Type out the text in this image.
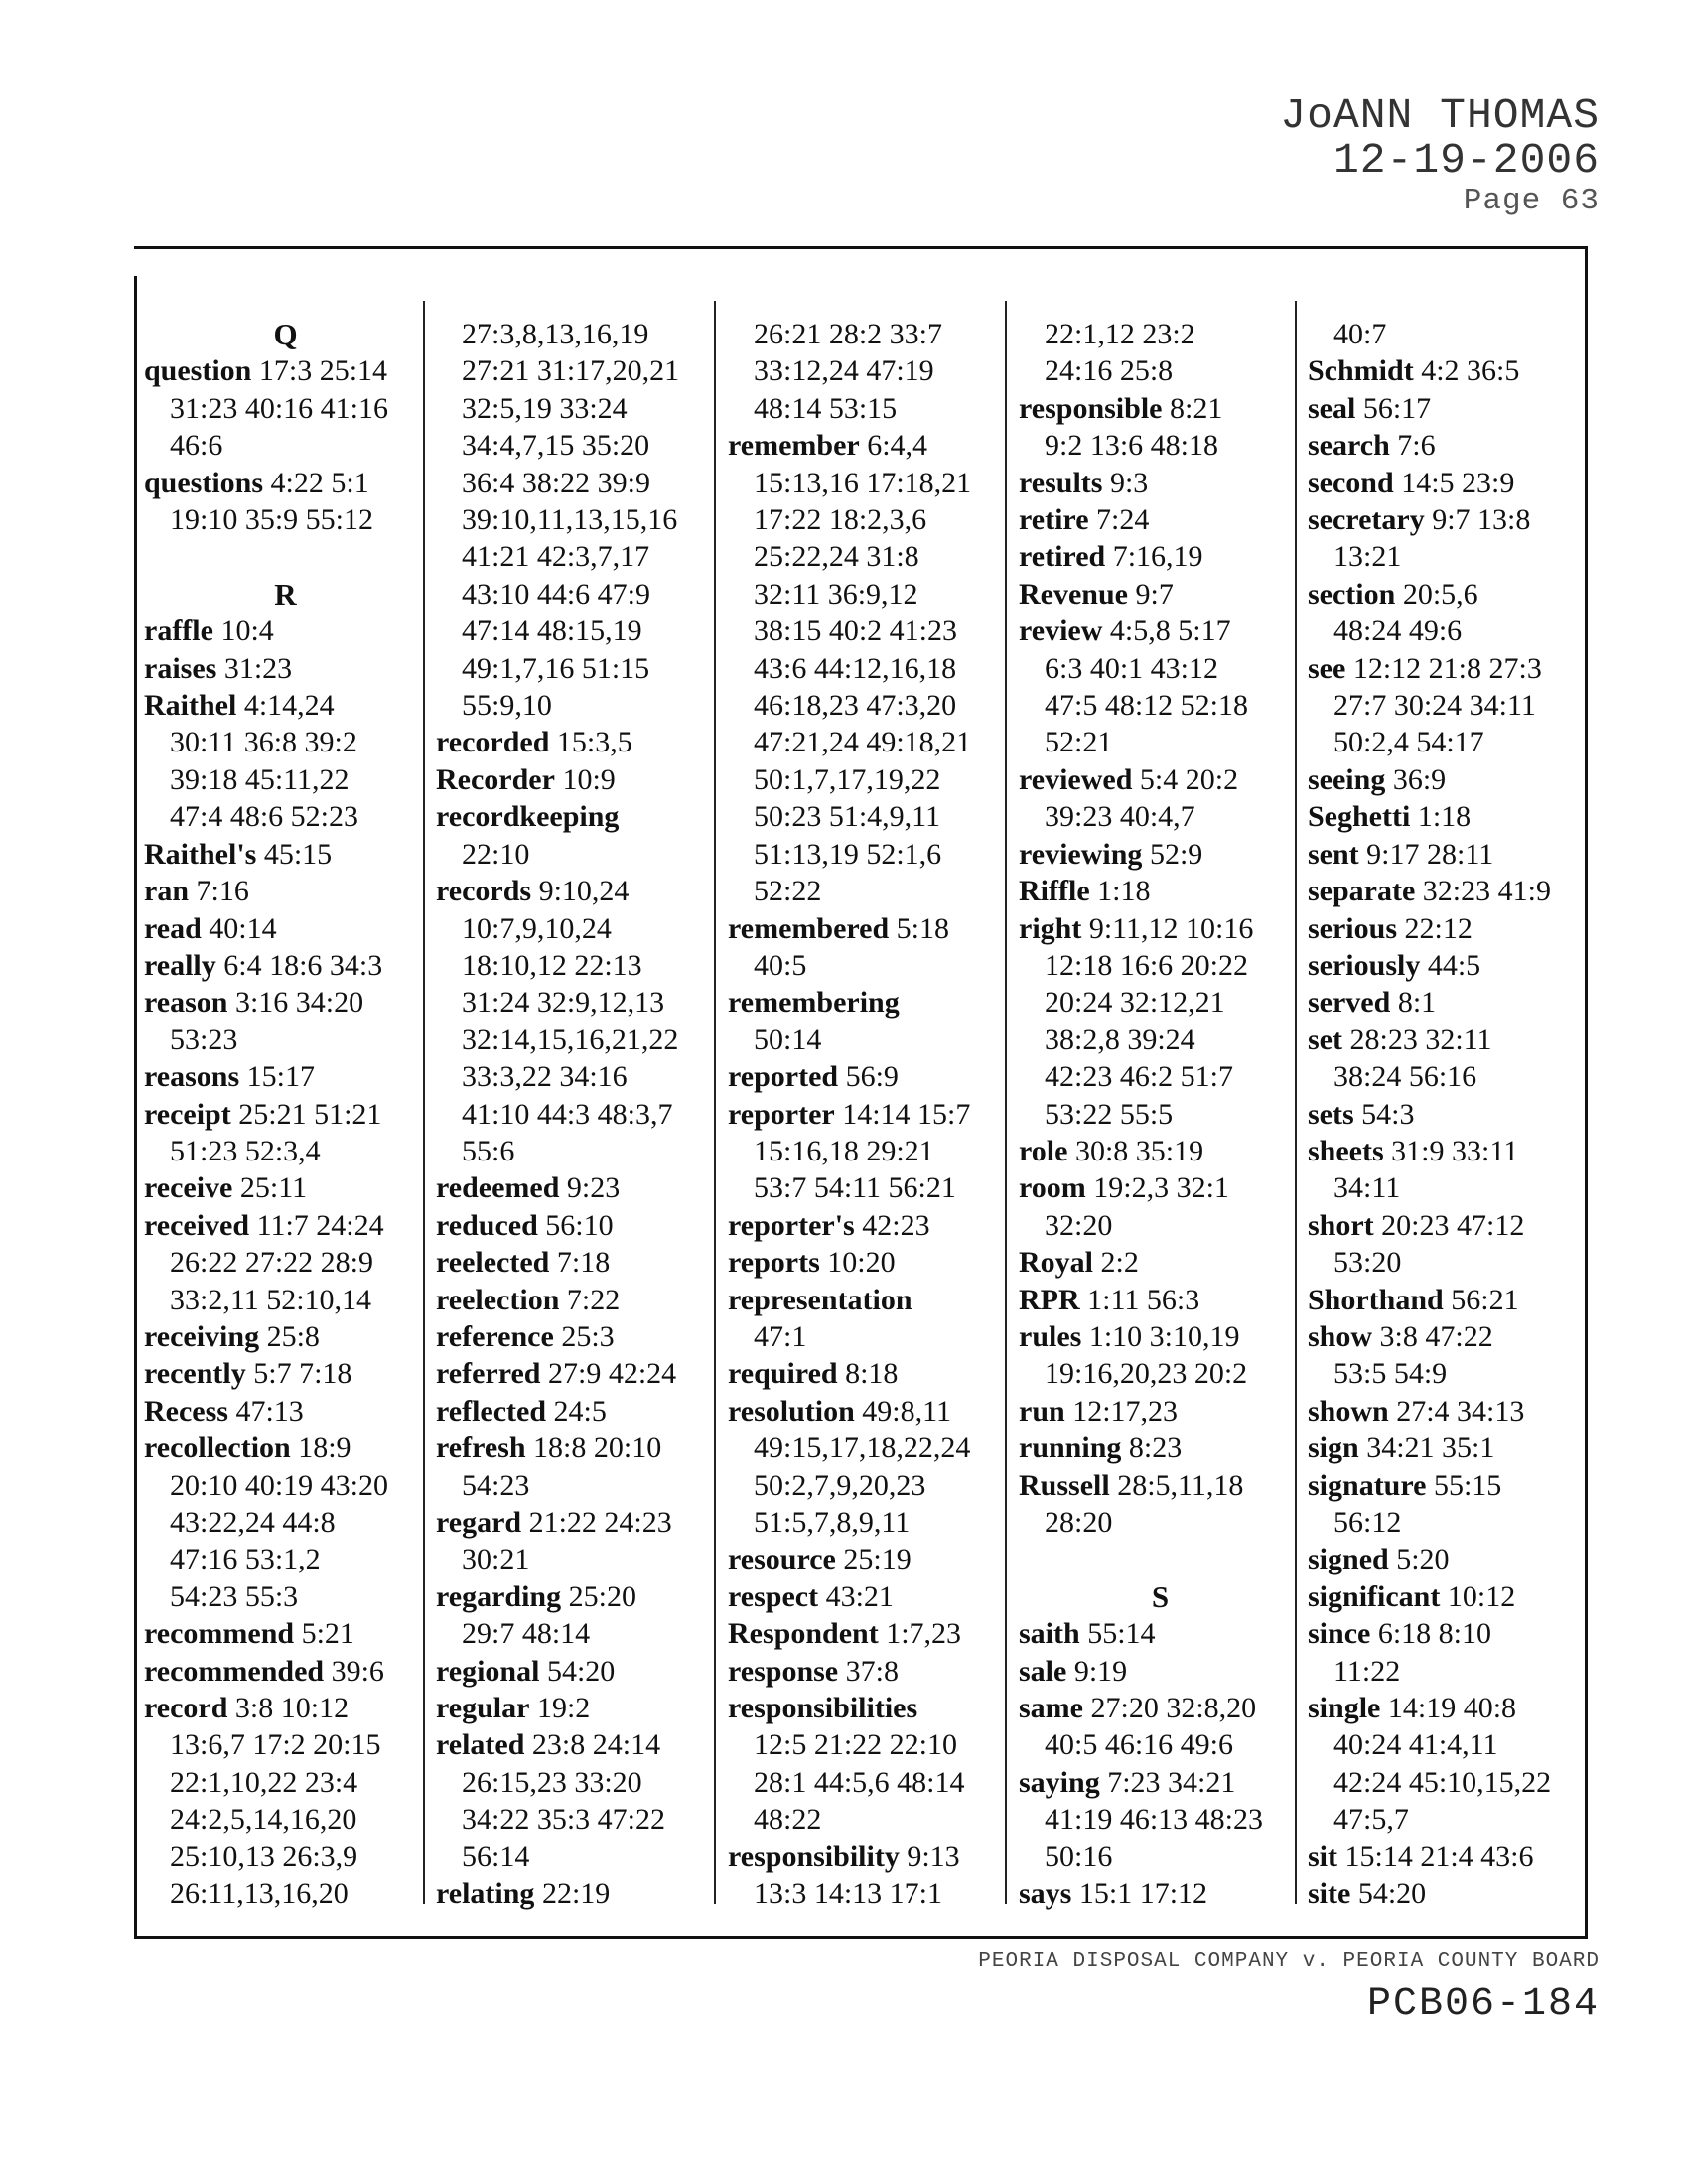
JoANN THOMAS
12-19-2006
Page 63
Q
question 17:3 25:14
31:23 40:16 41:16
46:6
questions 4:22 5:1
19:10 35:9 55:12

R
raffle 10:4
raises 31:23
Raithel 4:14,24
30:11 36:8 39:2
39:18 45:11,22
47:4 48:6 52:23
Raithel's 45:15
ran 7:16
read 40:14
really 6:4 18:6 34:3
reason 3:16 34:20
53:23
reasons 15:17
receipt 25:21 51:21
51:23 52:3,4
receive 25:11
received 11:7 24:24
26:22 27:22 28:9
33:2,11 52:10,14
receiving 25:8
recently 5:7 7:18
Recess 47:13
recollection 18:9
20:10 40:19 43:20
43:22,24 44:8
47:16 53:1,2
54:23 55:3
recommend 5:21
recommended 39:6
record 3:8 10:12
13:6,7 17:2 20:15
22:1,10,22 23:4
24:2,5,14,16,20
25:10,13 26:3,9
26:11,13,16,20
27:3,8,13,16,19
27:21 31:17,20,21
32:5,19 33:24
34:4,7,15 35:20
36:4 38:22 39:9
39:10,11,13,15,16
41:21 42:3,7,17
43:10 44:6 47:9
47:14 48:15,19
49:1,7,16 51:15
55:9,10
recorded 15:3,5
Recorder 10:9
recordkeeping
22:10
records 9:10,24
10:7,9,10,24
18:10,12 22:13
31:24 32:9,12,13
32:14,15,16,21,22
33:3,22 34:16
41:10 44:3 48:3,7
55:6
redeemed 9:23
reduced 56:10
reelected 7:18
reelection 7:22
reference 25:3
referred 27:9 42:24
reflected 24:5
refresh 18:8 20:10
54:23
regard 21:22 24:23
30:21
regarding 25:20
29:7 48:14
regional 54:20
regular 19:2
related 23:8 24:14
26:15,23 33:20
34:22 35:3 47:22
56:14
relating 22:19
26:21 28:2 33:7
33:12,24 47:19
48:14 53:15
remember 6:4,4
15:13,16 17:18,21
17:22 18:2,3,6
25:22,24 31:8
32:11 36:9,12
38:15 40:2 41:23
43:6 44:12,16,18
46:18,23 47:3,20
47:21,24 49:18,21
50:1,7,17,19,22
50:23 51:4,9,11
51:13,19 52:1,6
52:22
remembered 5:18
40:5
remembering
50:14
reported 56:9
reporter 14:14 15:7
15:16,18 29:21
53:7 54:11 56:21
reporter's 42:23
reports 10:20
representation
47:1
required 8:18
resolution 49:8,11
49:15,17,18,22,24
50:2,7,9,20,23
51:5,7,8,9,11
resource 25:19
respect 43:21
Respondent 1:7,23
response 37:8
responsibilities
12:5 21:22 22:10
28:1 44:5,6 48:14
48:22
responsibility 9:13
13:3 14:13 17:1
22:1,12 23:2
24:16 25:8
responsible 8:21
9:2 13:6 48:18
results 9:3
retire 7:24
retired 7:16,19
Revenue 9:7
review 4:5,8 5:17
6:3 40:1 43:12
47:5 48:12 52:18
52:21
reviewed 5:4 20:2
39:23 40:4,7
reviewing 52:9
Riffle 1:18
right 9:11,12 10:16
12:18 16:6 20:22
20:24 32:12,21
38:2,8 39:24
42:23 46:2 51:7
53:22 55:5
role 30:8 35:19
room 19:2,3 32:1
32:20
Royal 2:2
RPR 1:11 56:3
rules 1:10 3:10,19
19:16,20,23 20:2
run 12:17,23
running 8:23
Russell 28:5,11,18
28:20

S
saith 55:14
sale 9:19
same 27:20 32:8,20
40:5 46:16 49:6
saying 7:23 34:21
41:19 46:13 48:23
50:16
says 15:1 17:12
40:7
Schmidt 4:2 36:5
seal 56:17
search 7:6
second 14:5 23:9
secretary 9:7 13:8
13:21
section 20:5,6
48:24 49:6
see 12:12 21:8 27:3
27:7 30:24 34:11
50:2,4 54:17
seeing 36:9
Seghetti 1:18
sent 9:17 28:11
separate 32:23 41:9
serious 22:12
seriously 44:5
served 8:1
set 28:23 32:11
38:24 56:16
sets 54:3
sheets 31:9 33:11
34:11
short 20:23 47:12
53:20
Shorthand 56:21
show 3:8 47:22
53:5 54:9
shown 27:4 34:13
sign 34:21 35:1
signature 55:15
56:12
signed 5:20
significant 10:12
since 6:18 8:10
11:22
single 14:19 40:8
40:24 41:4,11
42:24 45:10,15,22
47:5,7
sit 15:14 21:4 43:6
site 54:20
PEORIA DISPOSAL COMPANY v. PEORIA COUNTY BOARD
PCB06-184
